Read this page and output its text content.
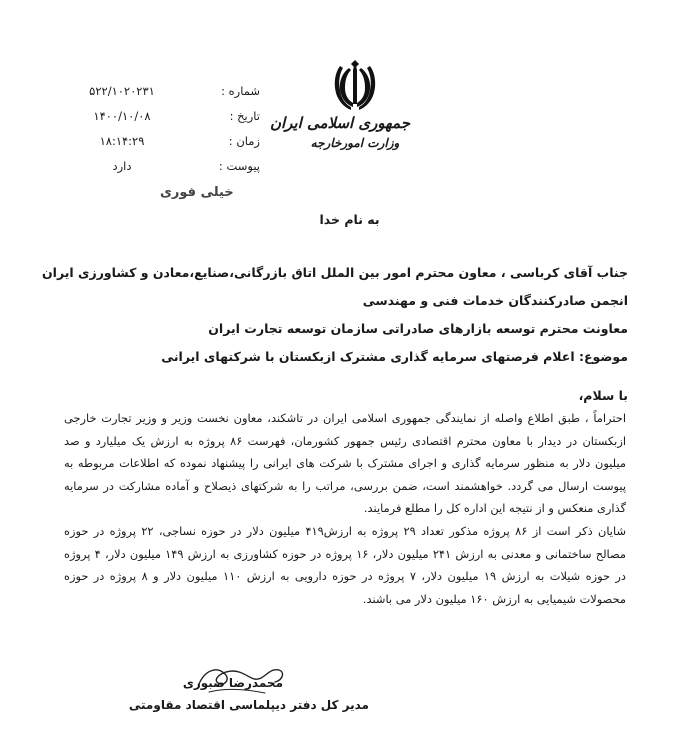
شماره :
۵۲۲/۱۰۲۰۲۳۱
تاریخ :
۱۴۰۰/۱۰/۰۸
زمان :
۱۸:۱۴:۲۹
پیوست :
دارد
خیلی فوری
جمهوری اسلامی ایران
وزارت امورخارجه
به نام خدا
جناب آقای کرباسی ، معاون محترم امور بین الملل اتاق بازرگانی،صنایع،معادن و کشاورزی ایران
انجمن صادرکنندگان خدمات فنی و مهندسی
معاونت محترم توسعه بازارهای صادراتی سازمان توسعه تجارت ایران
موضوع: اعلام فرصتهای سرمایه گذاری مشترک ازبکستان با شرکتهای ایرانی
با سلام،

احتراماً ، طبق اطلاع واصله از نمایندگی جمهوری اسلامی ایران در تاشکند، معاون نخست وزیر و وزیر تجارت خارجی ازبکستان در دیدار با معاون محترم اقتصادی رئیس جمهور کشورمان، فهرست ۸۶ پروژه به ارزش یک میلیارد و صد میلیون دلار به منظور سرمایه گذاری و اجرای مشترک با شرکت های ایرانی را پیشنهاد نموده که اطلاعات مربوطه به پیوست ارسال می گردد. خواهشمند است، ضمن بررسی، مراتب را به شرکتهای ذیصلاح و آماده مشارکت در سرمایه گذاری منعکس و از نتیجه این اداره کل را مطلع فرمایند.

شایان ذکر است از ۸۶ پروژه مذکور تعداد ۲۹ پروژه به ارزش۴۱۹ میلیون دلار در حوزه نساجی، ۲۲ پروژه در حوزه مصالح ساختمانی و معدنی به ارزش ۲۴۱ میلیون دلار، ۱۶ پروژه در حوزه کشاورزی به ارزش ۱۴۹ میلیون دلار، ۴ پروژه در حوزه شیلات به ارزش ۱۹ میلیون دلار، ۷ پروژه در حوزه دارویی به ارزش ۱۱۰ میلیون دلار و ۸ پروژه در حوزه محصولات شیمیایی به ارزش ۱۶۰ میلیون دلار می باشند.

محمدرضا صبوری
مدیر کل دفتر دیپلماسی اقتصاد مقاومتی
